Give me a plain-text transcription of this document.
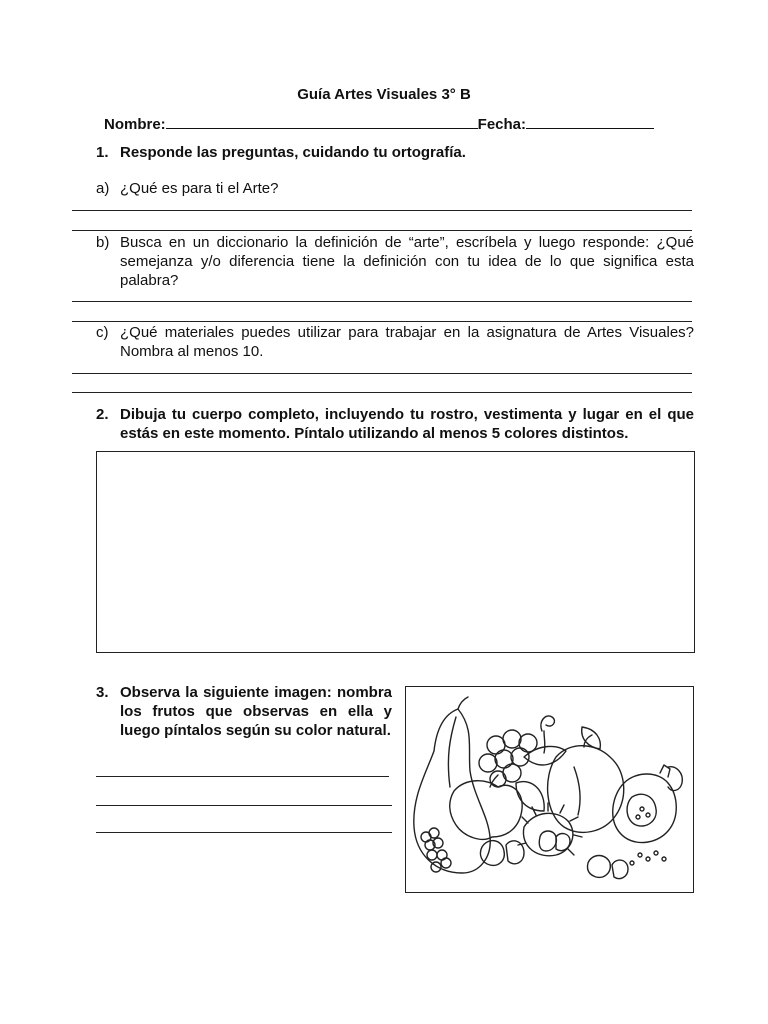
Guía Artes Visuales 3° B
Nombre:	Fecha:
1. Responde las preguntas, cuidando tu ortografía.
a) ¿Qué es para ti el Arte?
b) Busca en un diccionario la definición de “arte”, escríbela y luego responde: ¿Qué semejanza y/o diferencia tiene la definición con tu idea de lo que significa esta palabra?
c) ¿Qué materiales puedes utilizar para trabajar en la asignatura de Artes Visuales? Nombra al menos 10.
2. Dibuja tu cuerpo completo, incluyendo tu rostro, vestimenta y lugar en el que estás en este momento. Píntalo utilizando al menos 5 colores distintos.
3. Observa la siguiente imagen: nombra los frutos que observas en ella y luego píntalos según su color natural.
